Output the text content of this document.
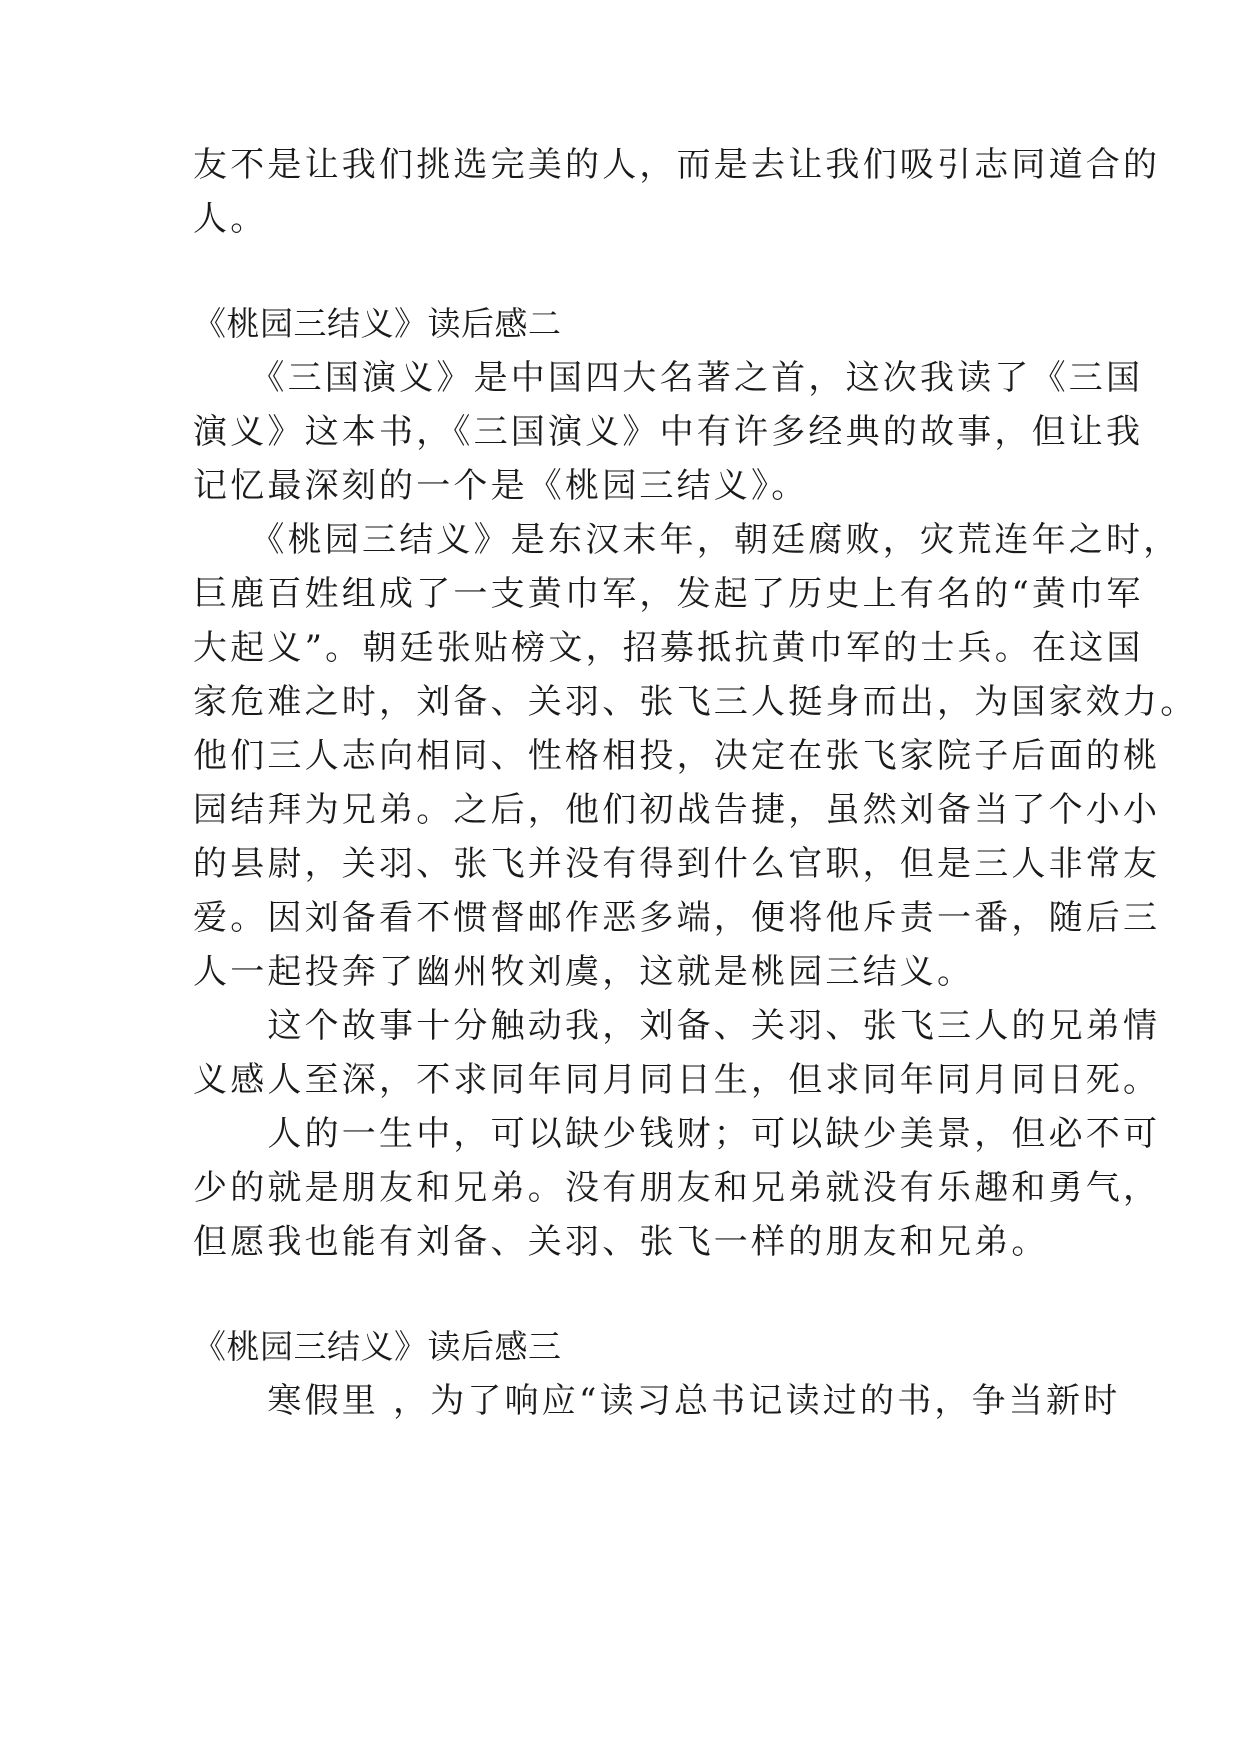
友不是让我们挑选完美的人，而是去让我们吸引志同道合的
人。
《桃园三结义》读后感二
　　《三国演义》是中国四大名著之首，这次我读了《三国
演义》这本书，《三国演义》中有许多经典的故事，但让我
记忆最深刻的一个是《桃园三结义》。
　　《桃园三结义》是东汉末年，朝廷腐败，灾荒连年之时，
巨鹿百姓组成了一支黄巾军，发起了历史上有名的“黄巾军
大起义”。朝廷张贴榜文，招募抵抗黄巾军的士兵。在这国
家危难之时，刘备、关羽、张飞三人挺身而出，为国家效力。
他们三人志向相同、性格相投，决定在张飞家院子后面的桃
园结拜为兄弟。之后，他们初战告捷，虽然刘备当了个小小
的县尉，关羽、张飞并没有得到什么官职，但是三人非常友
爱。因刘备看不惯督邮作恶多端，便将他斥责一番，随后三
人一起投奔了幽州牧刘虞，这就是桃园三结义。
　　这个故事十分触动我，刘备、关羽、张飞三人的兄弟情
义感人至深，不求同年同月同日生，但求同年同月同日死。
　　人的一生中，可以缺少钱财；可以缺少美景，但必不可
少的就是朋友和兄弟。没有朋友和兄弟就没有乐趣和勇气，
但愿我也能有刘备、关羽、张飞一样的朋友和兄弟。
《桃园三结义》读后感三
　　寒假里 ，为了响应“读习总书记读过的书，争当新时
